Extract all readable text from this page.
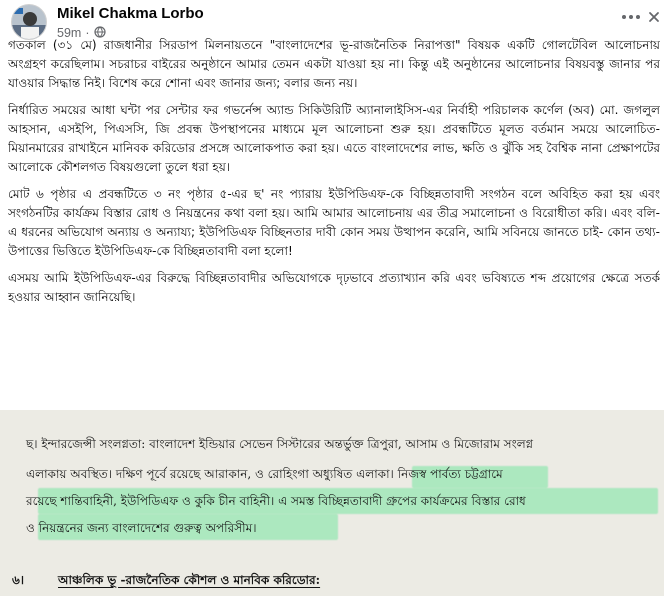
Mikel Chakma Lorbo
59m ·

গতকাল (৩১ মে) রাজধানীর সিরডাপ মিলনায়তনে "বাংলাদেশের ভূ-রাজনৈতিক নিরাপত্তা" বিষয়ক একটি গোলটেবিল আলোচনায় অংগ্রহণ করেছিলাম। সচরাচর বাইরের অনুষ্ঠানে আমার তেমন একটা যাওয়া হয় না। কিন্তু এই অনুষ্ঠানের আলোচনার বিষয়বস্তু জানার পর যাওয়ার সিদ্ধান্ত নিই। বিশেষ করে শোনা এবং জানার জন্য; বলার জন্য নয়।

নির্ধারিত সময়ের আধা ঘন্টা পর সেন্টার ফর গভর্নেন্স অ্যান্ড সিকিউরিটি অ্যানালাইসিস-এর নির্বাহী পরিচালক কর্ণেল (অব) মো. জগলুল আহসান, এসইপি, পিএসসি, জি প্রবন্ধ উপস্থাপনের মাধ্যমে মূল আলোচনা শুরু হয়। প্রবন্ধটিতে মূলত বর্তমান সময়ে আলোচিত- মিয়ানমারের রাখাইনে মানিবক করিডোর প্রসঙ্গে আলোকপাত করা হয়। এতে বাংলাদেশের লাভ, ক্ষতি ও ঝুঁকি সহ বৈশ্বিক নানা প্রেক্ষাপটের আলোকে কৌশলগত বিষয়গুলো তুলে ধরা হয়।

মোট ৬ পৃষ্ঠার এ প্রবন্ধটিতে ৩ নং পৃষ্ঠার ৫-এর ছ' নং প্যারায় ইউপিডিএফ-কে বিচ্ছিন্নতাবাদী সংগঠন বলে অবিহিত করা হয় এবং সংগঠনটির কার্যক্রম বিস্তার রোধ ও নিয়ন্ত্রনের কথা বলা হয়। আমি আমার আলোচনায় এর তীব্র সমালোচনা ও বিরোধীতা করি। এবং বলি- এ ধরনের অভিযোগ অন্যায় ও অন্যায্য; ইউপিডিএফ বিচ্ছিনতার দাবী কোন সময় উত্থাপন করেনি, আমি সবিনয়ে জানতে চাই- কোন তথ্য-উপাত্তের ভিত্তিতে ইউপিডিএফ-কে বিচ্ছিন্নতাবাদী বলা হলো!

এসময় আমি ইউপিডিএফ-এর বিরুদ্ধে বিচ্ছিন্নতাবাদীর অভিযোগকে দৃঢ়ভাবে প্রত্যাখ্যান করি এবং ভবিষ্যতে শব্দ প্রয়োগের ক্ষেত্রে সতর্ক হওয়ার আহ্বান জানিয়েছি।

ছ। ইন্দারজেন্সী সংলগ্নতা: বাংলাদেশ ইন্ডিয়ার সেভেন সিস্টারের অন্তর্ভুক্ত ত্রিপুরা, আসাম ও মিজোরাম সংলগ্ন
এলাকায় অবস্থিত। দক্ষিণ পূর্বে রয়েছে আরাকান, ও রোহিংগা অধ্যুষিত এলাকা। নিজস্ব পার্বত্য চট্টগ্রামে
রয়েছে শান্তিবাহিনী, ইউপিডিএফ ও কুকি চীন বাহিনী। এ সমস্ত বিচ্ছিন্নতাবাদী গ্রুপের কার্যক্রমের বিস্তার রোধ
ও নিয়ন্ত্রনের জন্য বাংলাদেশের গুরুত্ব অপরিসীম।
৬।	আঞ্চলিক ভূ -রাজনৈতিক কৌশল ও মানবিক করিডোর:
